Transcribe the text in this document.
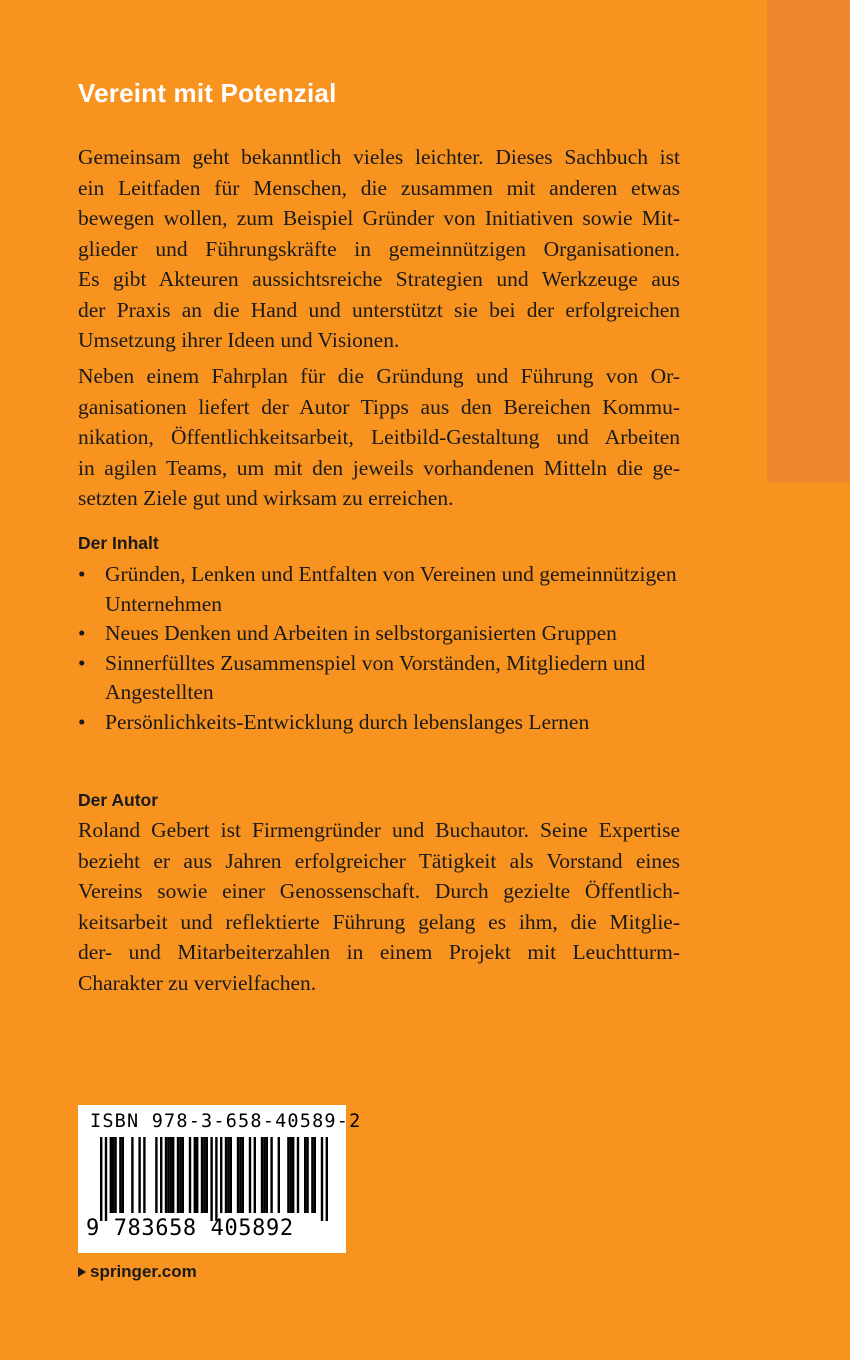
Vereint mit Potenzial
Gemeinsam geht bekanntlich vieles leichter. Dieses Sachbuch ist
ein Leitfaden für Menschen, die zusammen mit anderen etwas
bewegen wollen, zum Beispiel Gründer von Initiativen sowie Mit-
glieder und Führungskräfte in gemeinnützigen Organisationen.
Es gibt Akteuren aussichtsreiche Strategien und Werkzeuge aus
der Praxis an die Hand und unterstützt sie bei der erfolgreichen
Umsetzung ihrer Ideen und Visionen.
Neben einem Fahrplan für die Gründung und Führung von Or-
ganisationen liefert der Autor Tipps aus den Bereichen Kommu-
nikation, Öffentlichkeitsarbeit, Leitbild-Gestaltung und Arbeiten
in agilen Teams, um mit den jeweils vorhandenen Mitteln die ge-
setzten Ziele gut und wirksam zu erreichen.
Der Inhalt
• Gründen, Lenken und Entfalten von Vereinen und gemeinnützigen Unternehmen
• Neues Denken und Arbeiten in selbstorganisierten Gruppen
• Sinnerfülltes Zusammenspiel von Vorständen, Mitgliedern und Angestellten
• Persönlichkeits-Entwicklung durch lebenslanges Lernen
Der Autor
Roland Gebert ist Firmengründer und Buchautor. Seine Expertise
bezieht er aus Jahren erfolgreicher Tätigkeit als Vorstand eines
Vereins sowie einer Genossenschaft. Durch gezielte Öffentlich-
keitsarbeit und reflektierte Führung gelang es ihm, die Mitglie-
der- und Mitarbeiterzahlen in einem Projekt mit Leuchtturm-
Charakter zu vervielfachen.
ISBN 978-3-658-40589-2
9 783658 405892
springer.com
